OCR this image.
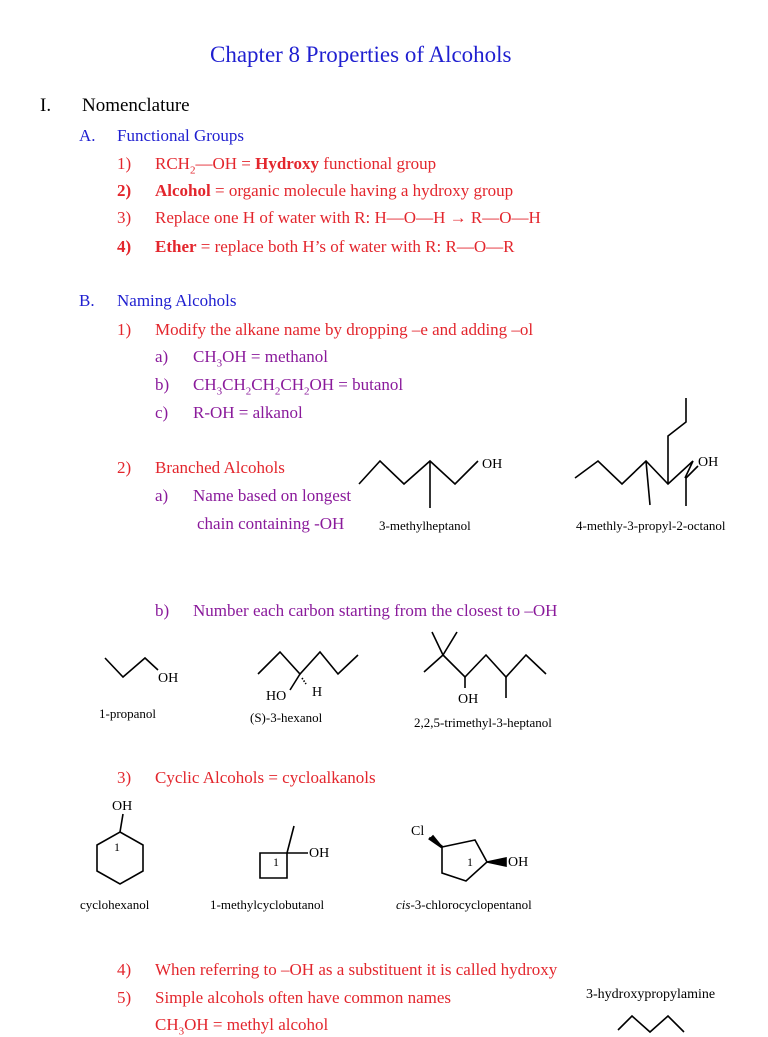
Chapter 8 Properties of Alcohols
I. Nomenclature
A. Functional Groups
1) $RCH_2—OH$ = Hydroxy functional group
2) Alcohol = organic molecule having a hydroxy group
3) Replace one H of water with R: H—O—H → R—O—H
4) Ether = replace both H’s of water with R: R—O—R
B. Naming Alcohols
1) Modify the alkane name by dropping –e and adding –ol
a) $CH_3OH$ = methanol
b) $CH_3CH_2CH_2CH_2OH$ = butanol
c) R-OH = alkanol
2) Branched Alcohols
a) Name based on longest
chain containing -OH
OH
3-methylheptanol
OH
4-methly-3-propyl-2-octanol
b) Number each carbon starting from the closest to –OH
OH
1-propanol
HO H
(S)-3-hexanol
OH
2,2,5-trimethyl-3-heptanol
3) Cyclic Alcohols = cycloalkanols
OH
1
cyclohexanol
OH
1
1-methylcyclobutanol
Cl
OH
1
cis-3-chlorocyclopentanol
4) When referring to –OH as a substituent it is called hydroxy
5) Simple alcohols often have common names	3-hydroxypropylamine
$CH_3OH$ = methyl alcohol
